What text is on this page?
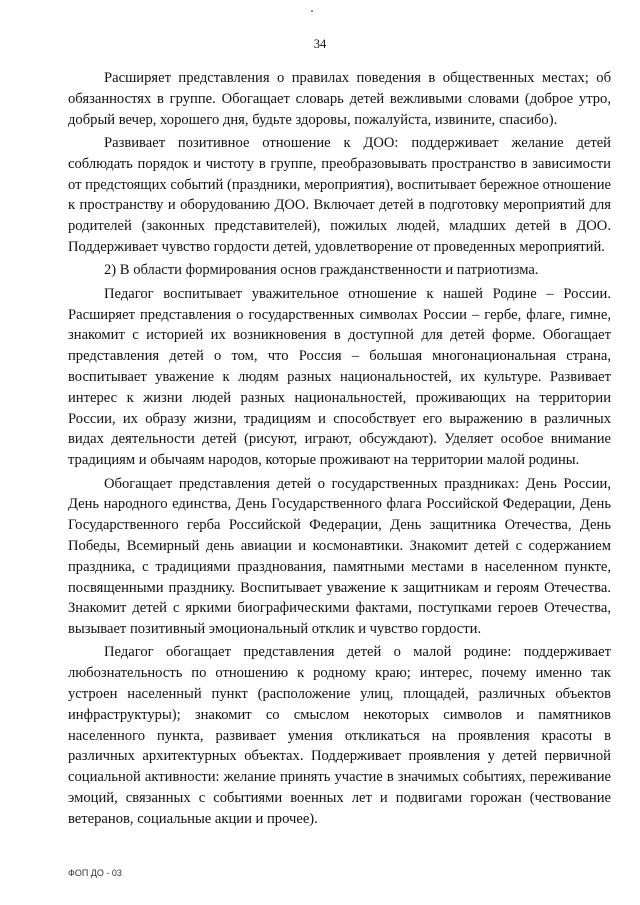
34

Расширяет представления о правилах поведения в общественных местах; об обязанностях в группе. Обогащает словарь детей вежливыми словами (доброе утро, добрый вечер, хорошего дня, будьте здоровы, пожалуйста, извините, спасибо).

Развивает позитивное отношение к ДОО: поддерживает желание детей соблюдать порядок и чистоту в группе, преобразовывать пространство в зависимости от предстоящих событий (праздники, мероприятия), воспитывает бережное отношение к пространству и оборудованию ДОО. Включает детей в подготовку мероприятий для родителей (законных представителей), пожилых людей, младших детей в ДОО. Поддерживает чувство гордости детей, удовлетворение от проведенных мероприятий.

2) В области формирования основ гражданственности и патриотизма.

Педагог воспитывает уважительное отношение к нашей Родине – России. Расширяет представления о государственных символах России – гербе, флаге, гимне, знакомит с историей их возникновения в доступной для детей форме. Обогащает представления детей о том, что Россия – большая многонациональная страна, воспитывает уважение к людям разных национальностей, их культуре. Развивает интерес к жизни людей разных национальностей, проживающих на территории России, их образу жизни, традициям и способствует его выражению в различных видах деятельности детей (рисуют, играют, обсуждают). Уделяет особое внимание традициям и обычаям народов, которые проживают на территории малой родины.

Обогащает представления детей о государственных праздниках: День России, День народного единства, День Государственного флага Российской Федерации, День Государственного герба Российской Федерации, День защитника Отечества, День Победы, Всемирный день авиации и космонавтики. Знакомит детей с содержанием праздника, с традициями празднования, памятными местами в населенном пункте, посвященными празднику. Воспитывает уважение к защитникам и героям Отечества. Знакомит детей с яркими биографическими фактами, поступками героев Отечества, вызывает позитивный эмоциональный отклик и чувство гордости.

Педагог обогащает представления детей о малой родине: поддерживает любознательность по отношению к родному краю; интерес, почему именно так устроен населенный пункт (расположение улиц, площадей, различных объектов инфраструктуры); знакомит со смыслом некоторых символов и памятников населенного пункта, развивает умения откликаться на проявления красоты в различных архитектурных объектах. Поддерживает проявления у детей первичной социальной активности: желание принять участие в значимых событиях, переживание эмоций, связанных с событиями военных лет и подвигами горожан (чествование ветеранов, социальные акции и прочее).

ФОП ДО - 03
